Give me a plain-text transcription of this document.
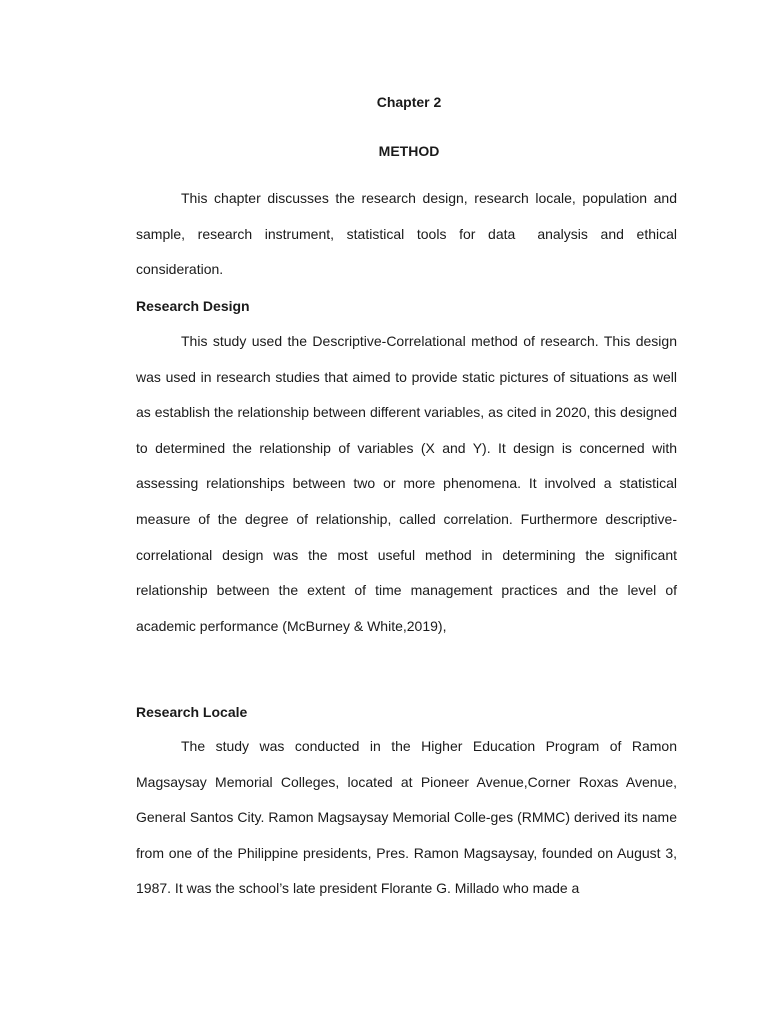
Chapter 2
METHOD

This chapter discusses the research design, research locale, population and sample, research instrument, statistical tools for data analysis and ethical consideration.

Research Design

This study used the Descriptive-Correlational method of research. This design was used in research studies that aimed to provide static pictures of situations as well as establish the relationship between different variables, as cited in 2020, this designed to determined the relationship of variables (X and Y). It design is concerned with assessing relationships between two or more phenomena. It involved a statistical measure of the degree of relationship, called correlation. Furthermore descriptive-correlational design was the most useful method in determining the significant relationship between the extent of time management practices and the level of academic performance (McBurney & White,2019),

Research Locale

The study was conducted in the Higher Education Program of Ramon Magsaysay Memorial Colleges, located at Pioneer Avenue,Corner Roxas Avenue, General Santos City. Ramon Magsaysay Memorial Colle-ges (RMMC) derived its name from one of the Philippine presidents, Pres. Ramon Magsaysay, founded on August 3, 1987. It was the school’s late president Florante G. Millado who made a
